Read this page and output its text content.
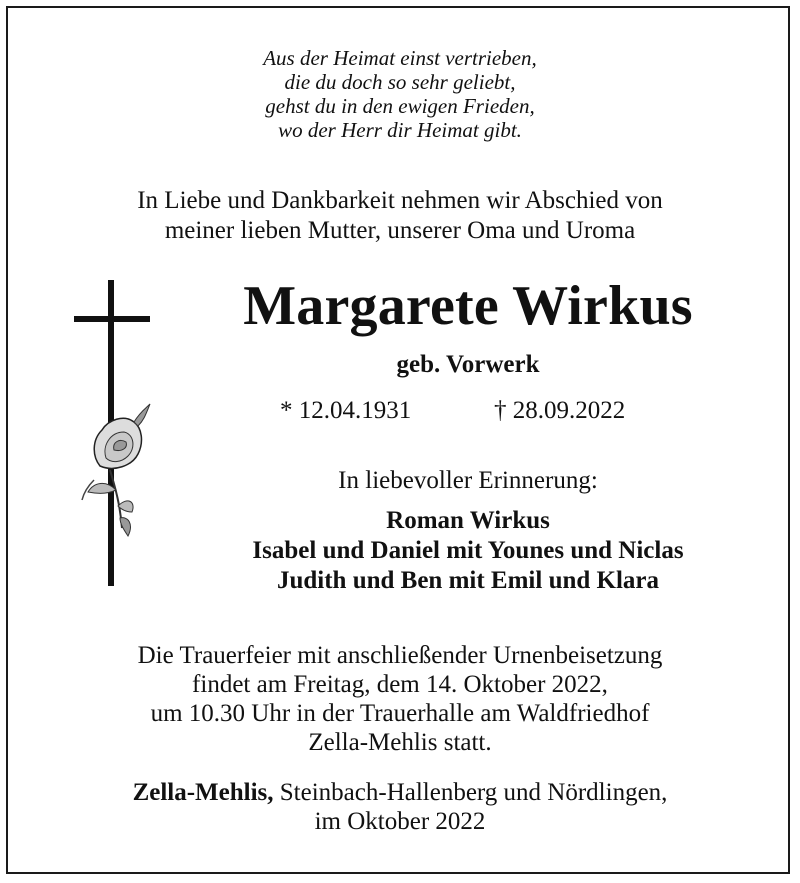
Aus der Heimat einst vertrieben,
die du doch so sehr geliebt,
gehst du in den ewigen Frieden,
wo der Herr dir Heimat gibt.
In Liebe und Dankbarkeit nehmen wir Abschied von
meiner lieben Mutter, unserer Oma und Uroma
Margarete Wirkus
geb. Vorwerk
* 12.04.1931	† 28.09.2022
In liebevoller Erinnerung:
Roman Wirkus
Isabel und Daniel mit Younes und Niclas
Judith und Ben mit Emil und Klara
Die Trauerfeier mit anschließender Urnenbeisetzung
findet am Freitag, dem 14. Oktober 2022,
um 10.30 Uhr in der Trauerhalle am Waldfriedhof
Zella-Mehlis statt.
Zella-Mehlis, Steinbach-Hallenberg und Nördlingen,
im Oktober 2022
